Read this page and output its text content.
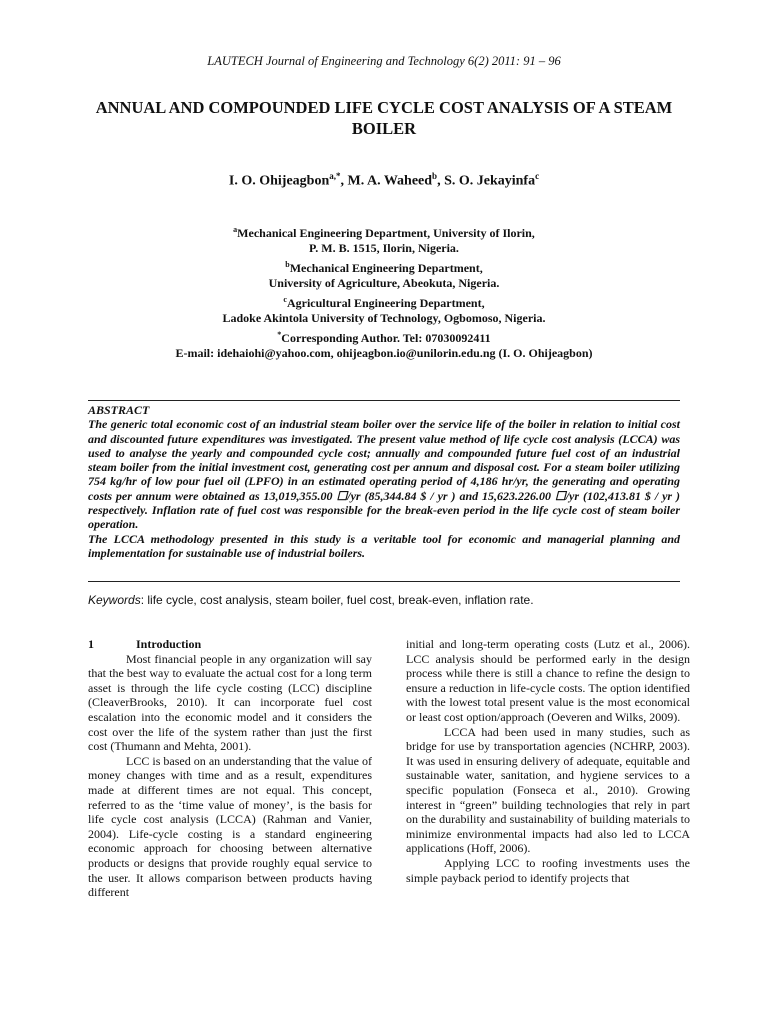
LAUTECH Journal of Engineering and Technology 6(2) 2011: 91 – 96
ANNUAL AND COMPOUNDED LIFE CYCLE COST ANALYSIS OF A STEAM BOILER
I. O. Ohijeagbon$^{a,*}$, M. A. Waheed$^b$, S. O. Jekayinfa$^c$
$^a$Mechanical Engineering Department, University of Ilorin,
P. M. B. 1515, Ilorin, Nigeria.
$^b$Mechanical Engineering Department,
University of Agriculture, Abeokuta, Nigeria.
$^c$Agricultural Engineering Department,
Ladoke Akintola University of Technology, Ogbomoso, Nigeria.
*Corresponding Author. Tel: 07030092411
E-mail: idehaiohi@yahoo.com, ohijeagbon.io@unilorin.edu.ng (I. O. Ohijeagbon)
ABSTRACT

The generic total economic cost of an industrial steam boiler over the service life of the boiler in relation to initial cost and discounted future expenditures was investigated. The present value method of life cycle cost analysis (LCCA) was used to analyse the yearly and compounded cycle cost; annually and compounded future fuel cost of an industrial steam boiler from the initial investment cost, generating cost per annum and disposal cost. For a steam boiler utilizing 754 kg/hr of low pour fuel oil (LPFO) in an estimated operating period of 4,186 hr/yr, the generating and operating costs per annum were obtained as 13,019,355.00 ☐/yr (85,344.84 $ / yr ) and 15,623.226.00 ☐/yr (102,413.81 $ / yr ) respectively. Inflation rate of fuel cost was responsible for the break-even period in the life cycle cost of steam boiler operation.

The LCCA methodology presented in this study is a veritable tool for economic and managerial planning and implementation for sustainable use of industrial boilers.

Keywords: life cycle, cost analysis, steam boiler, fuel cost, break-even, inflation rate.
1	Introduction

Most financial people in any organization will say that the best way to evaluate the actual cost for a long term asset is through the life cycle costing (LCC) discipline (CleaverBrooks, 2010). It can incorporate fuel cost escalation into the economic model and it considers the cost over the life of the system rather than just the first cost (Thumann and Mehta, 2001).

LCC is based on an understanding that the value of money changes with time and as a result, expenditures made at different times are not equal. This concept, referred to as the ‘time value of money’, is the basis for life cycle cost analysis (LCCA) (Rahman and Vanier, 2004). Life-cycle costing is a standard engineering economic approach for choosing between alternative products or designs that provide roughly equal service to the user. It allows comparison between products having different

initial and long-term operating costs (Lutz et al., 2006). LCC analysis should be performed early in the design process while there is still a chance to refine the design to ensure a reduction in life-cycle costs. The option identified with the lowest total present value is the most economical or least cost option/approach (Oeveren and Wilks, 2009).

LCCA had been used in many studies, such as bridge for use by transportation agencies (NCHRP, 2003). It was used in ensuring delivery of adequate, equitable and sustainable water, sanitation, and hygiene services to a specific population (Fonseca et al., 2010). Growing interest in “green” building technologies that rely in part on the durability and sustainability of building materials to minimize environmental impacts had also led to LCCA applications (Hoff, 2006).

Applying LCC to roofing investments uses the simple payback period to identify projects that
